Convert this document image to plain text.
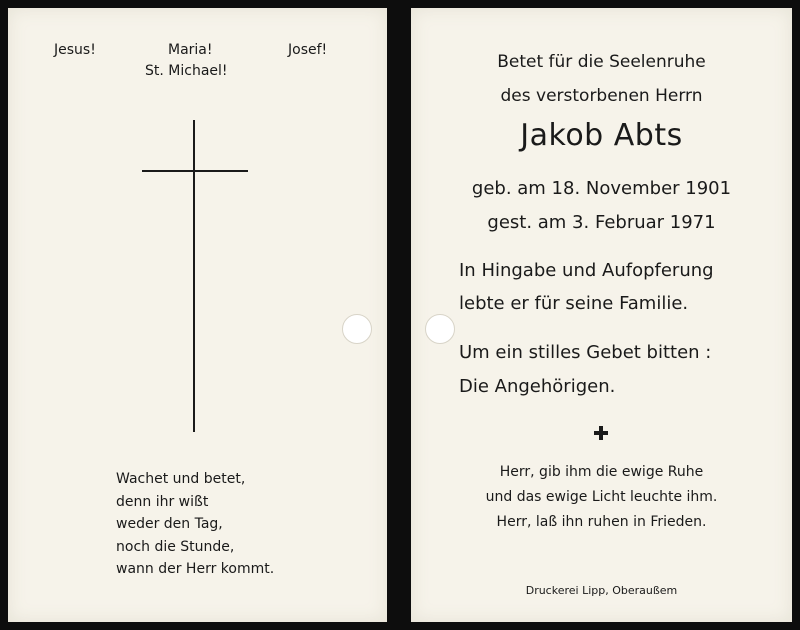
Jesus!	Maria!
St. Michael!
Josef!
Wachet und betet,
denn ihr wißt
weder den Tag,
noch die Stunde,
wann der Herr kommt.
Betet für die Seelenruhe
des verstorbenen Herrn
Jakob Abts
geb. am 18. November 1901
gest. am 3. Februar 1971
In Hingabe und Aufopferung
lebte er für seine Familie.
Um ein stilles Gebet bitten :
Die Angehörigen.
Herr, gib ihm die ewige Ruhe
und das ewige Licht leuchte ihm.
Herr, laß ihn ruhen in Frieden.
Druckerei Lipp, Oberaußem
